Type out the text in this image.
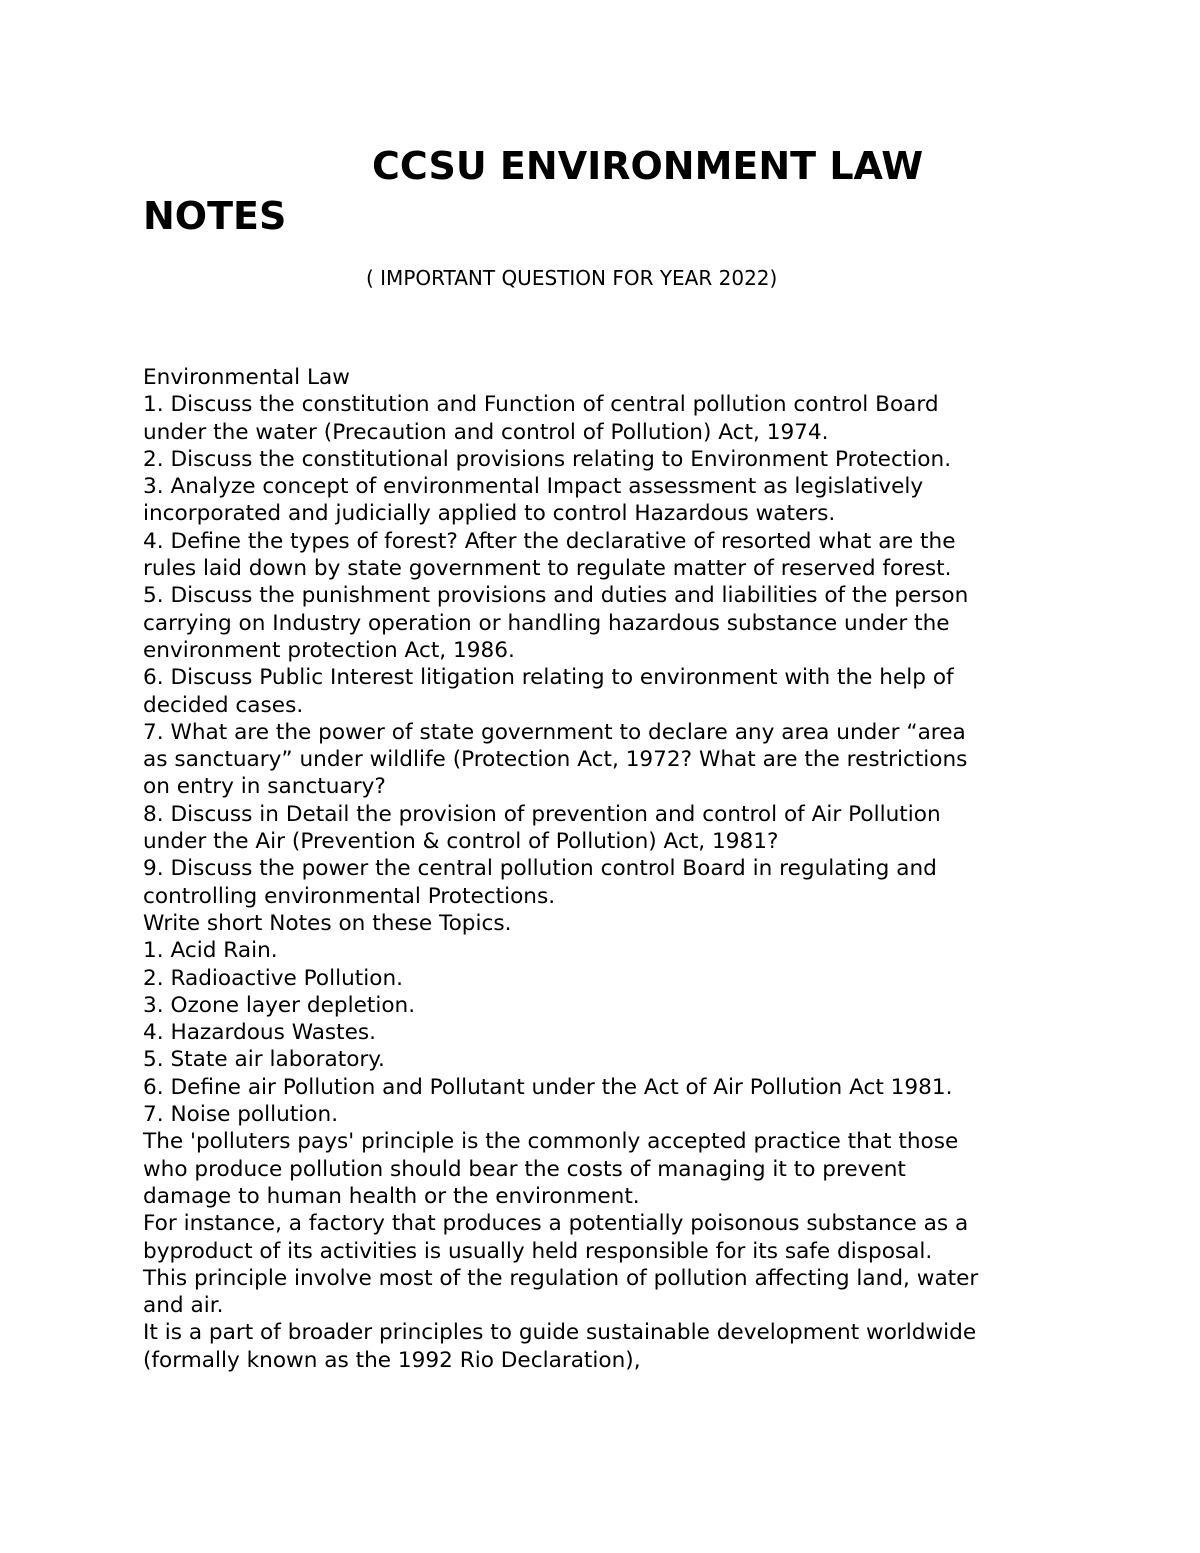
CCSU ENVIRONMENT LAW
NOTES
( IMPORTANT QUESTION FOR YEAR 2022)
Environmental Law
1. Discuss the constitution and Function of central pollution control Board
under the water (Precaution and control of Pollution) Act, 1974.
2. Discuss the constitutional provisions relating to Environment Protection.
3. Analyze concept of environmental Impact assessment as legislatively
incorporated and judicially applied to control Hazardous waters.
4. Define the types of forest? After the declarative of resorted what are the
rules laid down by state government to regulate matter of reserved forest.
5. Discuss the punishment provisions and duties and liabilities of the person
carrying on Industry operation or handling hazardous substance under the
environment protection Act, 1986.
6. Discuss Public Interest litigation relating to environment with the help of
decided cases.
7. What are the power of state government to declare any area under “area
as sanctuary” under wildlife (Protection Act, 1972? What are the restrictions
on entry in sanctuary?
8. Discuss in Detail the provision of prevention and control of Air Pollution
under the Air (Prevention & control of Pollution) Act, 1981?
9. Discuss the power the central pollution control Board in regulating and
controlling environmental Protections.
Write short Notes on these Topics.
1. Acid Rain.
2. Radioactive Pollution.
3. Ozone layer depletion.
4. Hazardous Wastes.
5. State air laboratory.
6. Define air Pollution and Pollutant under the Act of Air Pollution Act 1981.
7. Noise pollution.
The 'polluters pays' principle is the commonly accepted practice that those
who produce pollution should bear the costs of managing it to prevent
damage to human health or the environment.
For instance, a factory that produces a potentially poisonous substance as a
byproduct of its activities is usually held responsible for its safe disposal.
This principle involve most of the regulation of pollution affecting land, water
and air.
It is a part of broader principles to guide sustainable development worldwide
(formally known as the 1992 Rio Declaration),
